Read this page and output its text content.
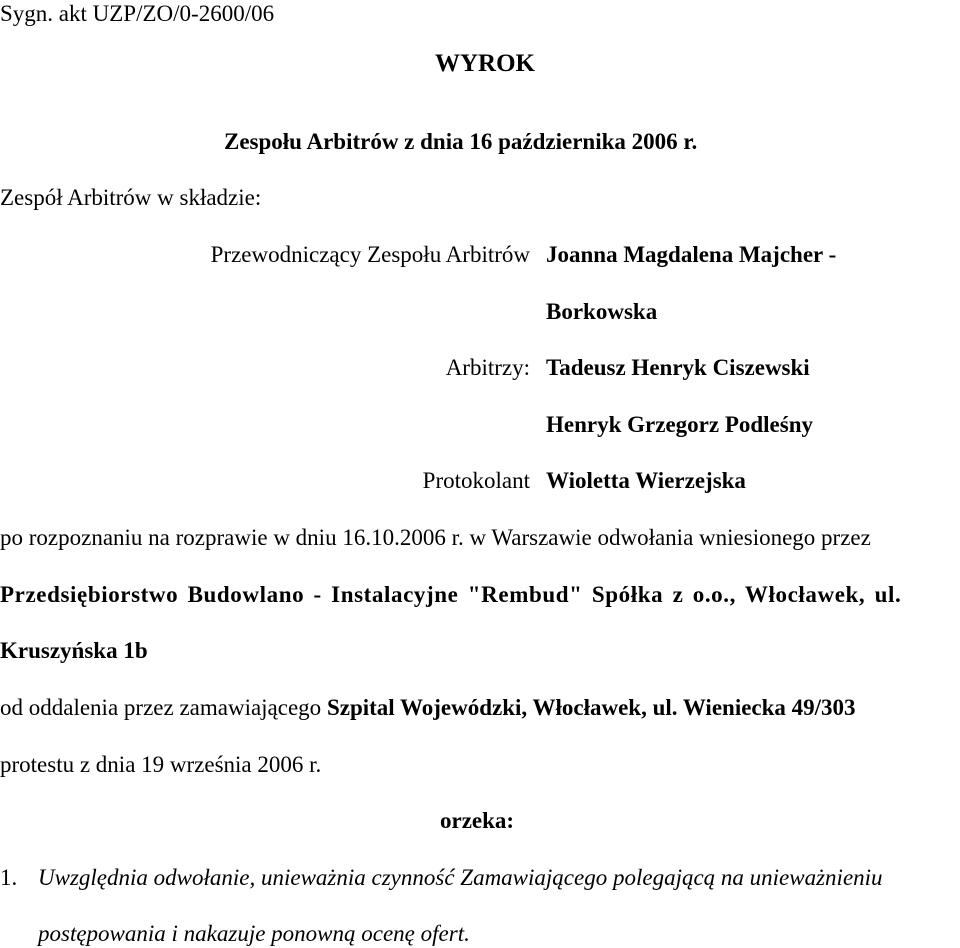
Sygn. akt UZP/ZO/0-2600/06
WYROK
Zespołu Arbitrów z dnia 16 października 2006 r.
Zespół Arbitrów w składzie:
Przewodniczący Zespołu Arbitrów Joanna Magdalena Majcher -
Borkowska
Arbitrzy: Tadeusz Henryk Ciszewski
Henryk Grzegorz Podleśny
Protokolant Wioletta Wierzejska
po rozpoznaniu na rozprawie w dniu 16.10.2006 r. w Warszawie odwołania wniesionego przez
Przedsiębiorstwo Budowlano - Instalacyjne "Rembud" Spółka z o.o., Włocławek, ul.
Kruszyńska 1b
od oddalenia przez zamawiającego Szpital Wojewódzki, Włocławek, ul. Wieniecka 49/303
protestu z dnia 19 września 2006 r.
orzeka:
1. Uwzględnia odwołanie, unieważnia czynność Zamawiającego polegającą na unieważnieniu
postępowania i nakazuje ponowną ocenę ofert.
